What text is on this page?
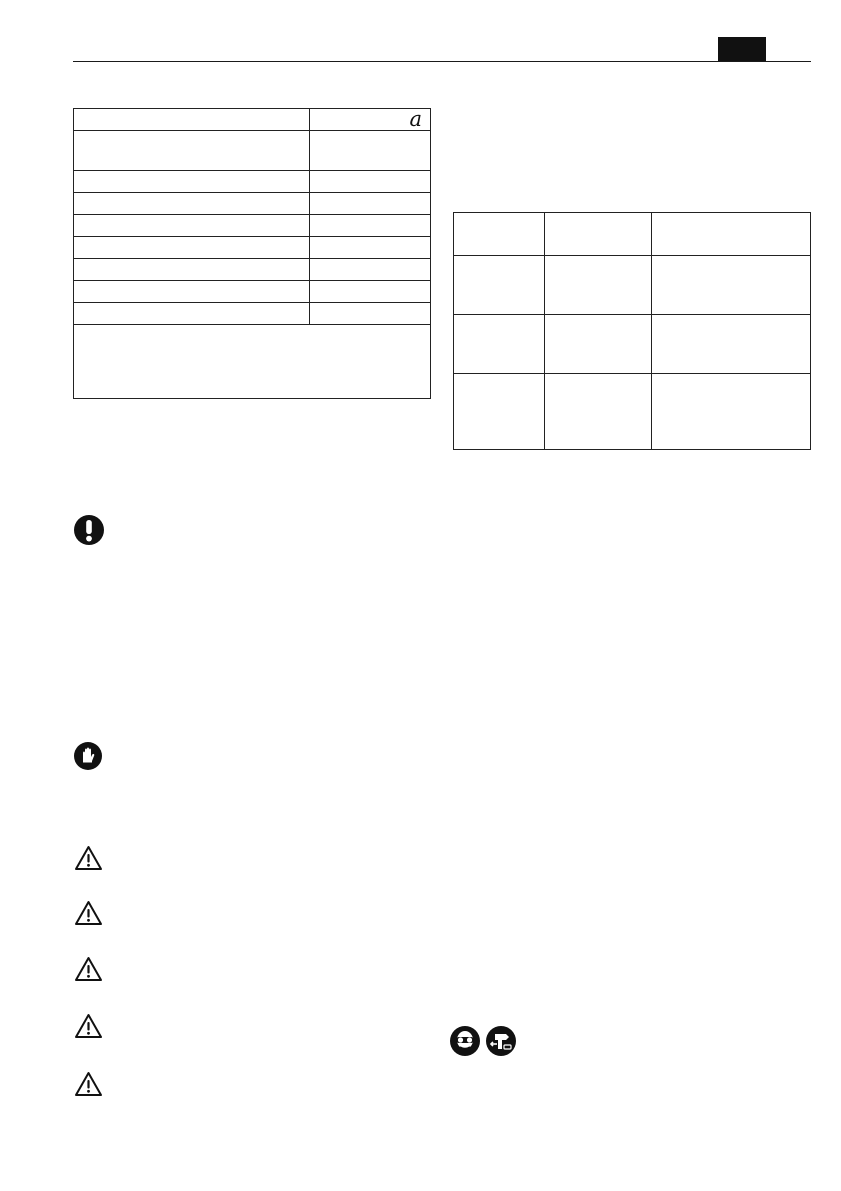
	a
